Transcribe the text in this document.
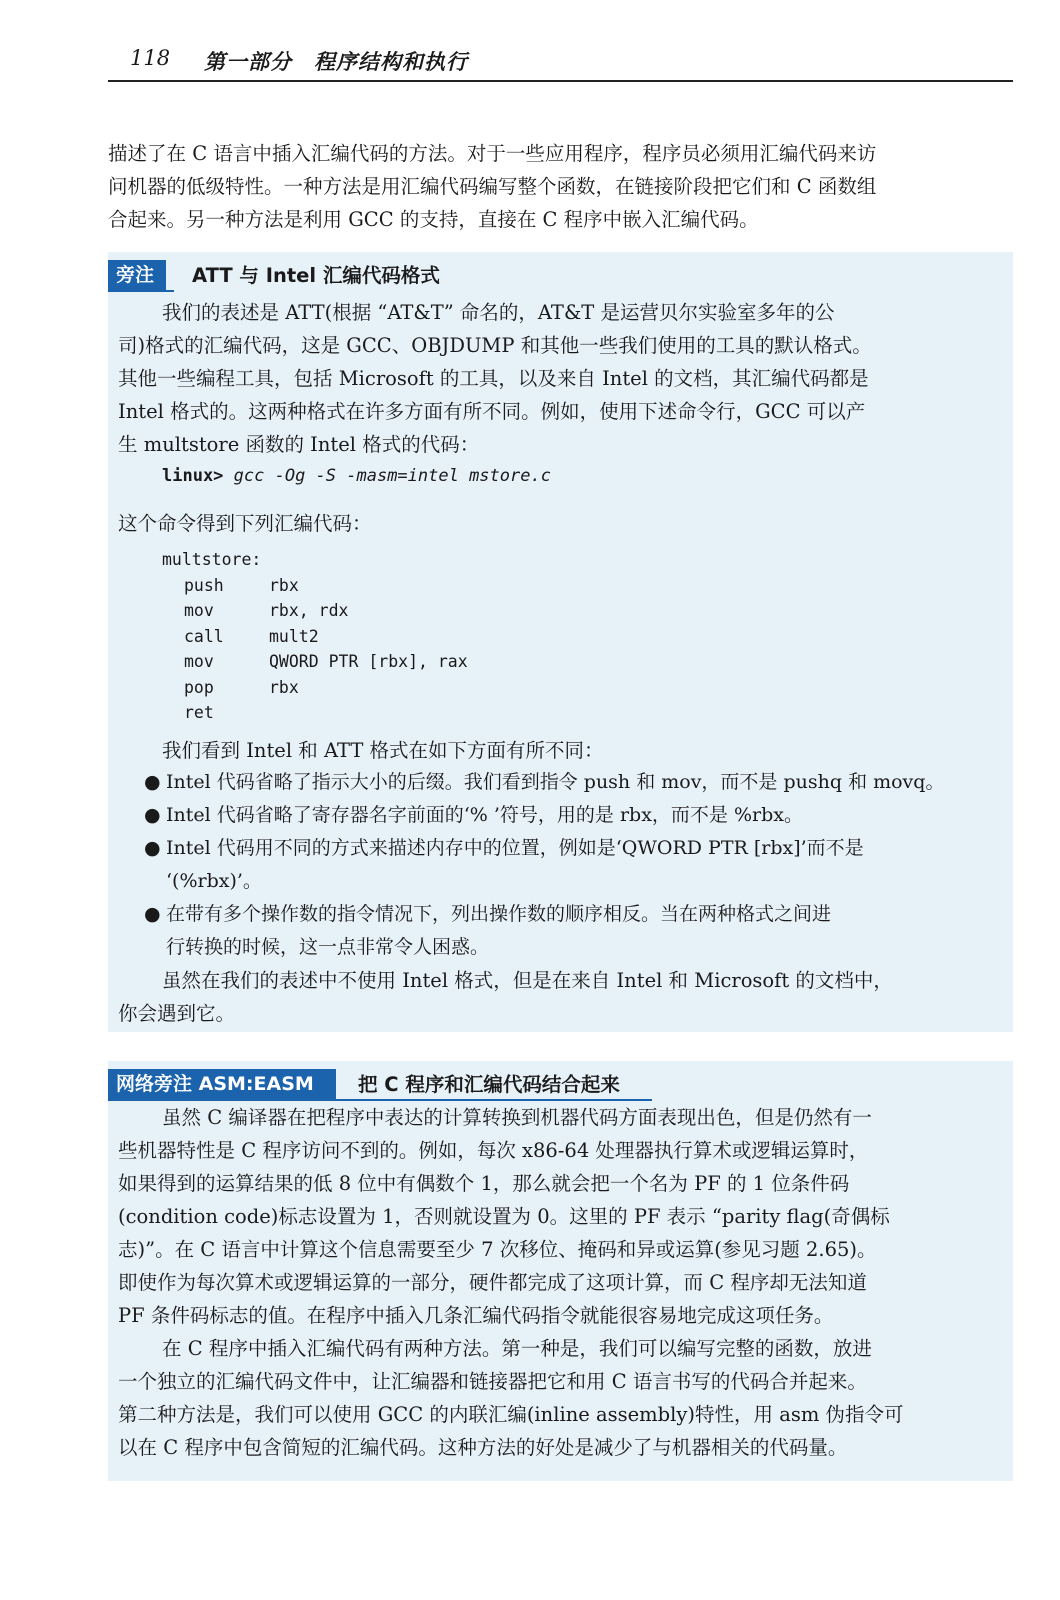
118 第一部分　程序结构和执行
描述了在 C 语言中插入汇编代码的方法。对于一些应用程序，程序员必须用汇编代码来访
问机器的低级特性。一种方法是用汇编代码编写整个函数，在链接阶段把它们和 C 函数组
合起来。另一种方法是利用 GCC 的支持，直接在 C 程序中嵌入汇编代码。
旁注	ATT 与 Intel 汇编代码格式
我们的表述是 ATT(根据 “AT&T” 命名的，AT&T 是运营贝尔实验室多年的公
司)格式的汇编代码，这是 GCC、OBJDUMP 和其他一些我们使用的工具的默认格式。
其他一些编程工具，包括 Microsoft 的工具，以及来自 Intel 的文档，其汇编代码都是
Intel 格式的。这两种格式在许多方面有所不同。例如，使用下述命令行，GCC 可以产
生 multstore 函数的 Intel 格式的代码：
linux> gcc -Og -S -masm=intel mstore.c
这个命令得到下列汇编代码：
multstore:
push	rbx
mov	rbx, rdx
call	mult2
mov	QWORD PTR [rbx], rax
pop	rbx
ret
我们看到 Intel 和 ATT 格式在如下方面有所不同：
● Intel 代码省略了指示大小的后缀。我们看到指令 push 和 mov，而不是 pushq 和 movq。
● Intel 代码省略了寄存器名字前面的‘% ’符号，用的是 rbx，而不是 %rbx。
● Intel 代码用不同的方式来描述内存中的位置，例如是‘QWORD PTR [rbx]’而不是
‘(%rbx)’。
● 在带有多个操作数的指令情况下，列出操作数的顺序相反。当在两种格式之间进
行转换的时候，这一点非常令人困惑。
虽然在我们的表述中不使用 Intel 格式，但是在来自 Intel 和 Microsoft 的文档中，
你会遇到它。
网络旁注 ASM:EASM	把 C 程序和汇编代码结合起来
虽然 C 编译器在把程序中表达的计算转换到机器代码方面表现出色，但是仍然有一
些机器特性是 C 程序访问不到的。例如，每次 x86-64 处理器执行算术或逻辑运算时，
如果得到的运算结果的低 8 位中有偶数个 1，那么就会把一个名为 PF 的 1 位条件码
(condition code)标志设置为 1，否则就设置为 0。这里的 PF 表示 “parity flag(奇偶标
志)”。在 C 语言中计算这个信息需要至少 7 次移位、掩码和异或运算(参见习题 2.65)。
即使作为每次算术或逻辑运算的一部分，硬件都完成了这项计算，而 C 程序却无法知道
PF 条件码标志的值。在程序中插入几条汇编代码指令就能很容易地完成这项任务。
在 C 程序中插入汇编代码有两种方法。第一种是，我们可以编写完整的函数，放进
一个独立的汇编代码文件中，让汇编器和链接器把它和用 C 语言书写的代码合并起来。
第二种方法是，我们可以使用 GCC 的内联汇编(inline assembly)特性，用 asm 伪指令可
以在 C 程序中包含简短的汇编代码。这种方法的好处是减少了与机器相关的代码量。
